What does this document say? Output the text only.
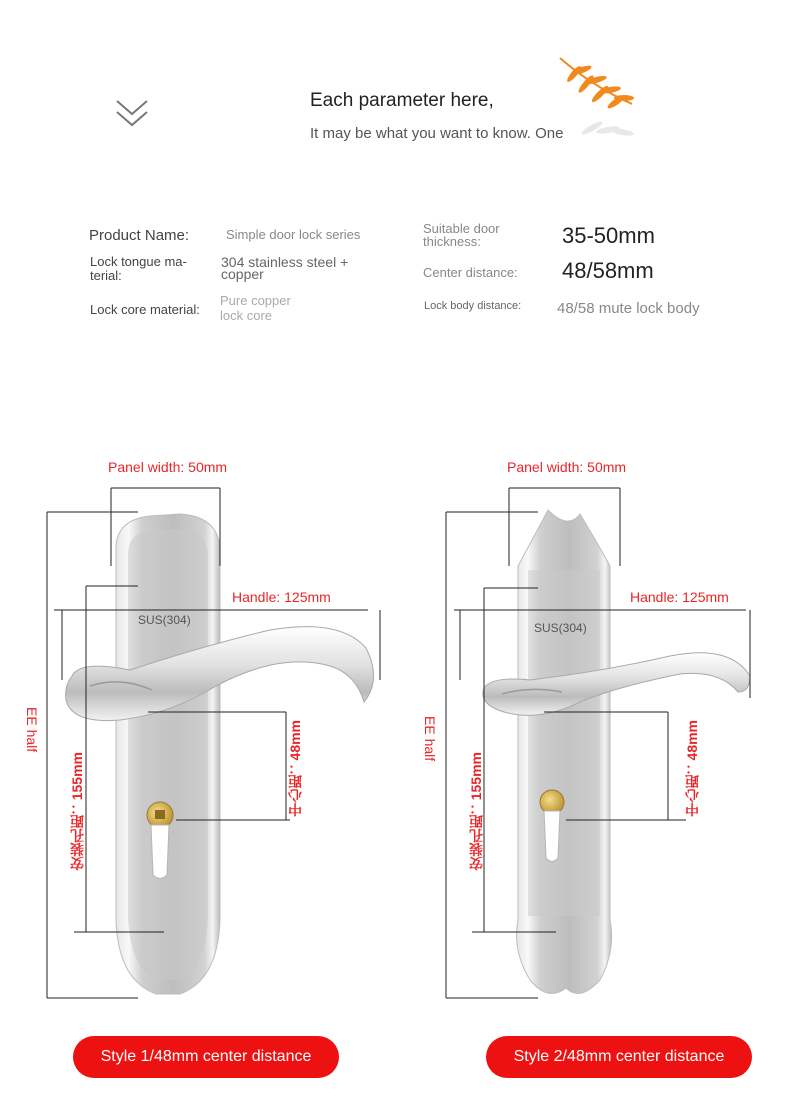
Each parameter here,
It may be what you want to know. One
Product Name:	Simple door lock series
Lock tongue ma-
terial:
304 stainless steel +
copper
Lock core material:
Pure copper
lock core
Suitable door
thickness:	35-50mm
Center distance: 48/58mm
Lock body distance: 48/58 mute lock body
Panel width: 50mm
Handle: 125mm
SUS(304)
EE half
安装孔距：155mm	中心距：48mm
Panel width: 50mm
Handle: 125mm
SUS(304)
EE half
安装孔距：155mm	中心距：48mm
Style 1/48mm center distance	Style 2/48mm center distance
